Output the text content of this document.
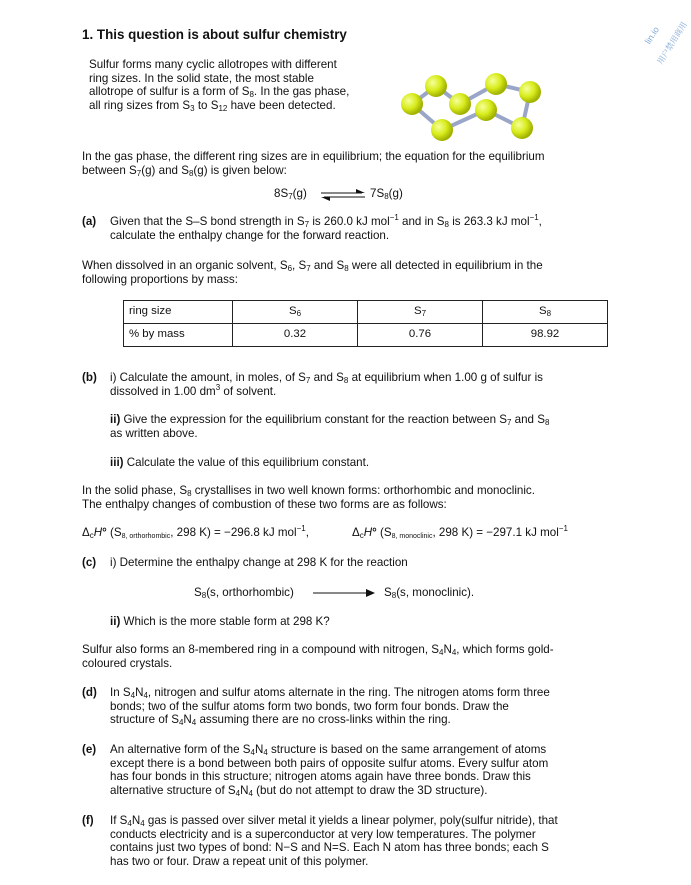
lin.io
用户禁用商用
1. This question is about sulfur chemistry
Sulfur forms many cyclic allotropes with different
ring sizes. In the solid state, the most stable
allotrope of sulfur is a form of $S_8$. In the gas phase,
all ring sizes from $S_3$ to $S_{12}$ have been detected.
In the gas phase, the different ring sizes are in equilibrium; the equation for the equilibrium
between $S_7(g)$ and $S_8(g)$ is given below:
$8S_7(g)$ ⇌ $7S_8(g)$
(a) Given that the S–S bond strength in $S_7$ is 260.0 kJ mol$^{-1}$ and in $S_8$ is 263.3 kJ mol$^{-1}$,
calculate the enthalpy change for the forward reaction.
When dissolved in an organic solvent, $S_6$, $S_7$ and $S_8$ were all detected in equilibrium in the
following proportions by mass:
ring size	$S_6$	$S_7$	$S_8$
% by mass	0.32	0.76	98.92
(b) i) Calculate the amount, in moles, of $S_7$ and $S_8$ at equilibrium when 1.00 g of sulfur is
dissolved in 1.00 $dm^3$ of solvent.
ii) Give the expression for the equilibrium constant for the reaction between $S_7$ and $S_8$
as written above.
iii) Calculate the value of this equilibrium constant.
In the solid phase, $S_8$ crystallises in two well known forms: orthorhombic and monoclinic.
The enthalpy changes of combustion of these two forms are as follows:
$\Delta_cH^\circ$ ($S_{8, orthorhombic}$, 298 K) = −296.8 kJ mol$^{-1}$,	$\Delta_cH^\circ$ ($S_{8, monoclinic}$, 298 K) = −297.1 kJ mol$^{-1}$
(c) i) Determine the enthalpy change at 298 K for the reaction
$S_8(s$, orthorhombic)	$S_8(s$, monoclinic).
ii) Which is the more stable form at 298 K?
Sulfur also forms an 8-membered ring in a compound with nitrogen, $S_4N_4$, which forms gold-
coloured crystals.
(d) In $S_4N_4$, nitrogen and sulfur atoms alternate in the ring. The nitrogen atoms form three
bonds; two of the sulfur atoms form two bonds, two form four bonds. Draw the
structure of $S_4N_4$ assuming there are no cross-links within the ring.
(e) An alternative form of the $S_4N_4$ structure is based on the same arrangement of atoms
except there is a bond between both pairs of opposite sulfur atoms. Every sulfur atom
has four bonds in this structure; nitrogen atoms again have three bonds. Draw this
alternative structure of $S_4N_4$ (but do not attempt to draw the 3D structure).
(f) If $S_4N_4$ gas is passed over silver metal it yields a linear polymer, poly(sulfur nitride), that
conducts electricity and is a superconductor at very low temperatures. The polymer
contains just two types of bond: N−S and N=S. Each N atom has three bonds; each S
has two or four. Draw a repeat unit of this polymer.
